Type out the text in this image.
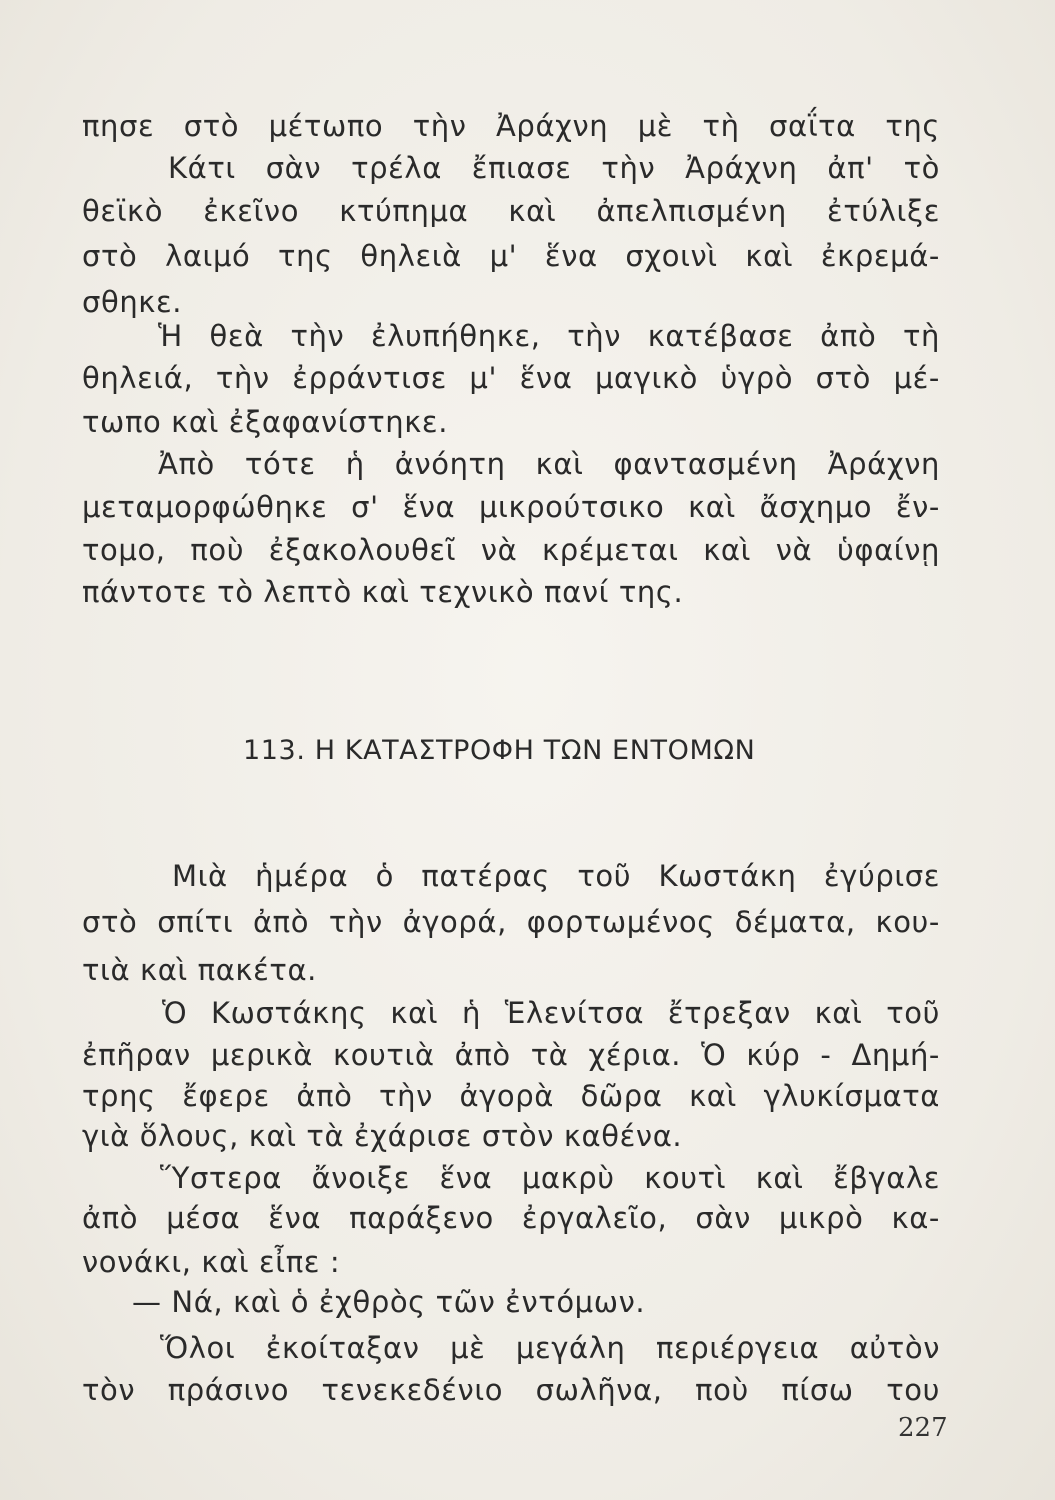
πησε στὸ μέτωπο τὴν Ἀράχνη μὲ τὴ σαΐτα της
Κάτι σὰν τρέλα ἔπιασε τὴν Ἀράχνη ἀπ' τὸ
θεϊκὸ ἐκεῖνο κτύπημα καὶ ἀπελπισμένη ἐτύλιξε
στὸ λαιμό της θηλειὰ μ' ἕνα σχοινὶ καὶ ἐκρεμά-
σθηκε.
Ἡ θεὰ τὴν ἐλυπήθηκε, τὴν κατέβασε ἀπὸ τὴ
θηλειά, τὴν ἐρράντισε μ' ἕνα μαγικὸ ὑγρὸ στὸ μέ-
τωπο καὶ ἐξαφανίστηκε.
Ἀπὸ τότε ἡ ἀνόητη καὶ φαντασμένη Ἀράχνη
μεταμορφώθηκε σ' ἕνα μικρούτσικο καὶ ἄσχημο ἔν-
τομο, ποὺ ἐξακολουθεῖ νὰ κρέμεται καὶ νὰ ὑφαίνῃ
πάντοτε τὸ λεπτὸ καὶ τεχνικὸ πανί της.
113. Η ΚΑΤΑΣΤΡΟΦΗ ΤΩΝ ΕΝΤΟΜΩΝ
Μιὰ ἡμέρα ὁ πατέρας τοῦ Κωστάκη ἐγύρισε
στὸ σπίτι ἀπὸ τὴν ἀγορά, φορτωμένος δέματα, κου-
τιὰ καὶ πακέτα.
Ὁ Κωστάκης καὶ ἡ Ἑλενίτσα ἔτρεξαν καὶ τοῦ
ἐπῆραν μερικὰ κουτιὰ ἀπὸ τὰ χέρια. Ὁ κύρ - Δημή-
τρης ἔφερε ἀπὸ τὴν ἀγορὰ δῶρα καὶ γλυκίσματα
γιὰ ὅλους, καὶ τὰ ἐχάρισε στὸν καθένα.
Ὕστερα ἄνοιξε ἕνα μακρὺ κουτὶ καὶ ἔβγαλε
ἀπὸ μέσα ἕνα παράξενο ἐργαλεῖο, σὰν μικρὸ κα-
νονάκι, καὶ εἶπε :
— Νά, καὶ ὁ ἐχθρὸς τῶν ἐντόμων.
Ὅλοι ἐκοίταξαν μὲ μεγάλη περιέργεια αὐτὸν
τὸν πράσινο τενεκεδένιο σωλῆνα, ποὺ πίσω του
227
